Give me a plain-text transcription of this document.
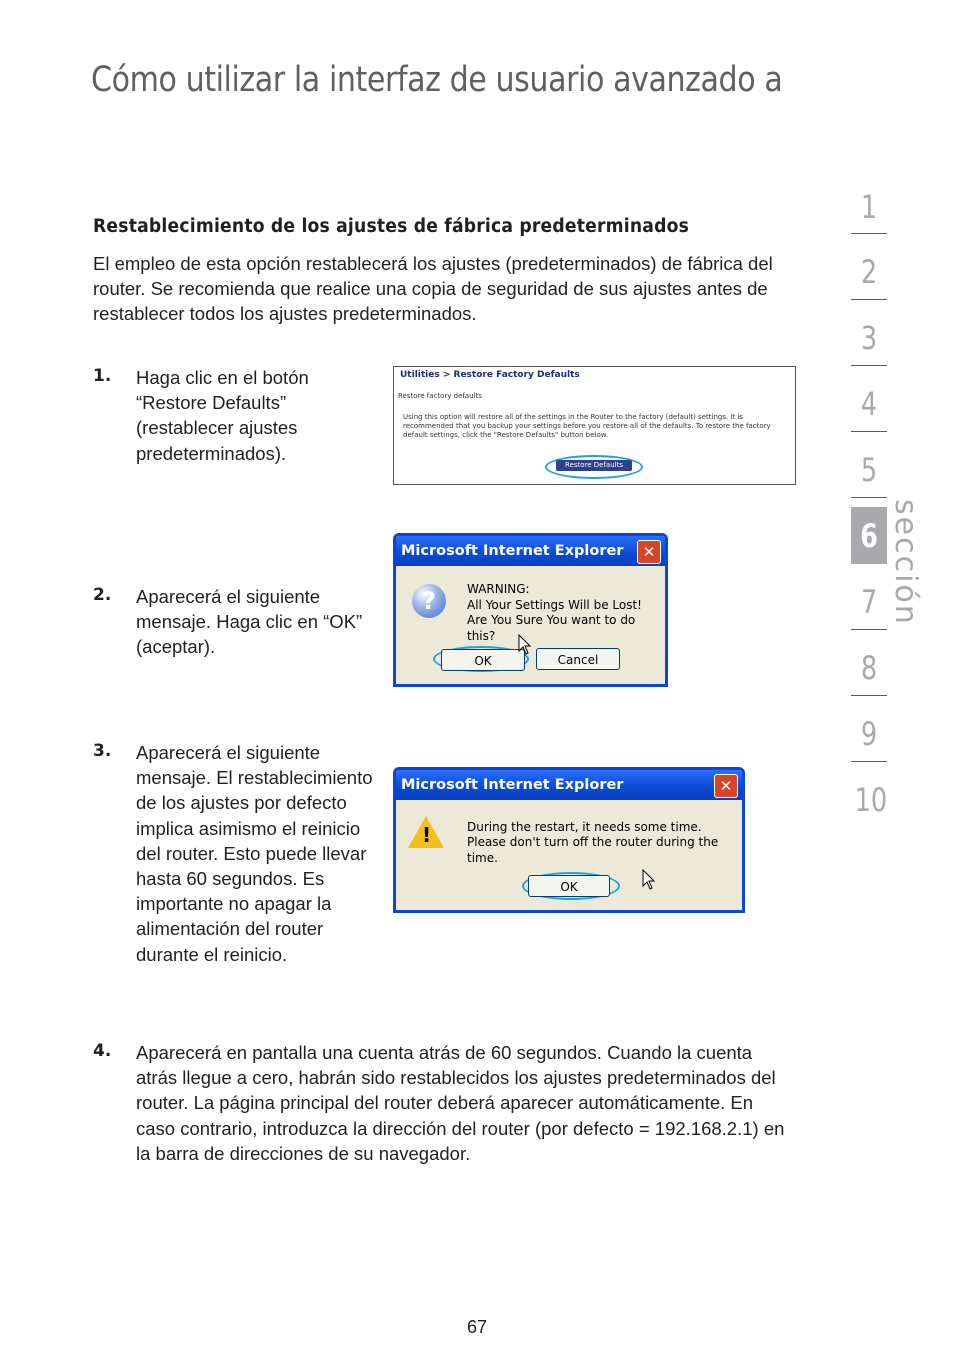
Cómo utilizar la interfaz de usuario avanzado a
Restablecimiento de los ajustes de fábrica predeterminados
El empleo de esta opción restablecerá los ajustes (predeterminados) de fábrica del router. Se recomienda que realice una copia de seguridad de sus ajustes antes de restablecer todos los ajustes predeterminados.
1. Haga clic en el botón “Restore Defaults” (restablecer ajustes predeterminados).
2. Aparecerá el siguiente mensaje. Haga clic en “OK” (aceptar).
3. Aparecerá el siguiente mensaje. El restablecimiento de los ajustes por defecto implica asimismo el reinicio del router. Esto puede llevar hasta 60 segundos. Es importante no apagar la alimentación del router durante el reinicio.
4. Aparecerá en pantalla una cuenta atrás de 60 segundos. Cuando la cuenta atrás llegue a cero, habrán sido restablecidos los ajustes predeterminados del router. La página principal del router deberá aparecer automáticamente. En caso contrario, introduzca la dirección del router (por defecto = 192.168.2.1) en la barra de direcciones de su navegador.
Utilities > Restore Factory Defaults
Restore factory defaults
Using this option will restore all of the settings in the Router to the factory (default) settings. It is recommended that you backup your settings before you restore all of the defaults. To restore the factory default settings, click the "Restore Defaults" button below.
Restore Defaults
Microsoft Internet Explorer	✕
?	WARNING:
All Your Settings Will be Lost!
Are You Sure You want to do this?
OK	Cancel
Microsoft Internet Explorer	✕
!	During the restart, it needs some time.
Please don't turn off the router during the time.
OK
sección
1
2
3
4
5
6
7
8
9
10
67
